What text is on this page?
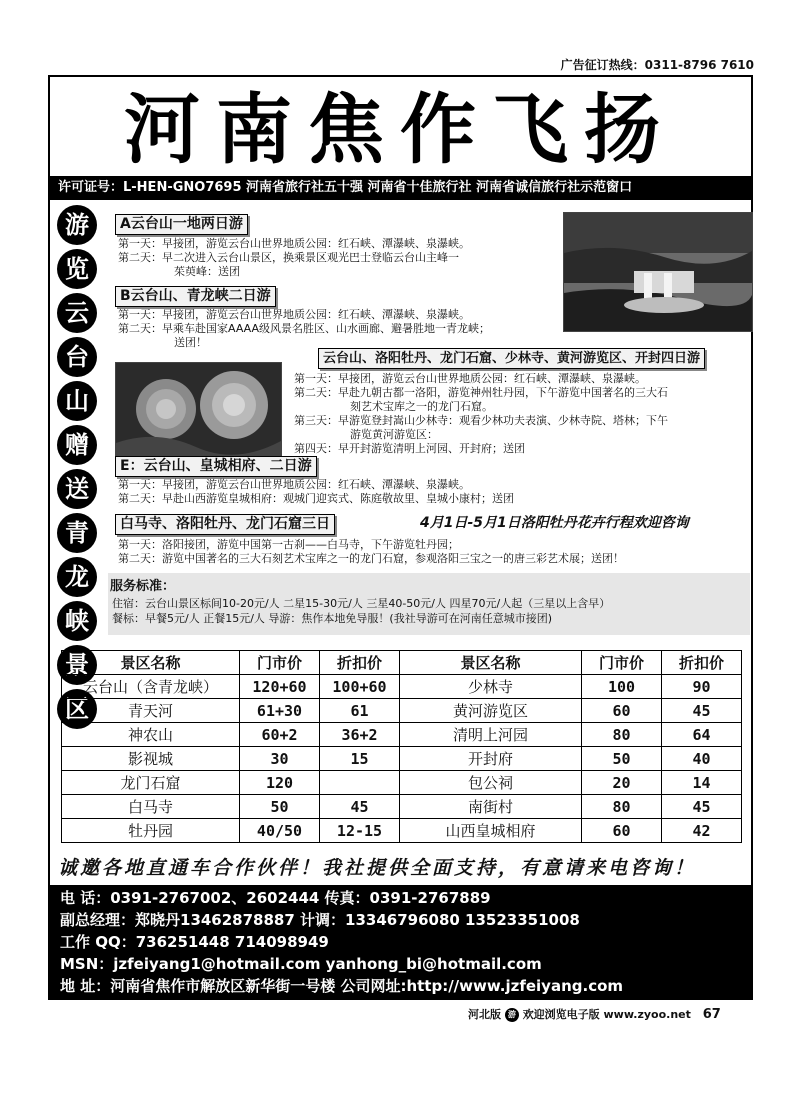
广告征订热线：0311-8796 7610
河南焦作飞扬
许可证号：L-HEN-GNO7695 河南省旅行社五十强 河南省十佳旅行社 河南省诚信旅行社示范窗口
游
览
云
台
山
赠
送
青
龙
峡
景
区
A云台山一地两日游
第一天：早接团，游览云台山世界地质公园：红石峡、潭瀑峡、泉瀑峡。
第二天：早二次进入云台山景区，换乘景区观光巴士登临云台山主峰一
茱萸峰：送团
B云台山、青龙峡二日游
第一天：早接团，游览云台山世界地质公园：红石峡、潭瀑峡、泉瀑峡。
第二天：早乘车赴国家AAAA级风景名胜区、山水画廊、避暑胜地一青龙峡；
送团！
云台山、洛阳牡丹、龙门石窟、少林寺、黄河游览区、开封四日游
第一天：早接团，游览云台山世界地质公园：红石峡、潭瀑峡、泉瀑峡。
第二天：早赴九朝古都一洛阳，游览神州牡丹园，下午游览中国著名的三大石
刻艺术宝库之一的龙门石窟。
第三天：早游览登封嵩山少林寺：观看少林功夫表演、少林寺院、塔林；下午
游览黄河游览区：
第四天：早开封游览清明上河园、开封府；送团
E：云台山、皇城相府、二日游
第一天：早接团，游览云台山世界地质公园：红石峡、潭瀑峡、泉瀑峡。
第二天：早赴山西游览皇城相府：观城门迎宾式、陈庭敬故里、皇城小康村；送团
白马寺、洛阳牡丹、龙门石窟三日	4月1日-5月1日洛阳牡丹花卉行程欢迎咨询
第一天：洛阳接团，游览中国第一古刹——白马寺，下午游览牡丹园；
第二天：游览中国著名的三大石刻艺术宝库之一的龙门石窟，参观洛阳三宝之一的唐三彩艺术展；送团！
服务标准：
住宿：云台山景区标间10-20元/人 二星15-30元/人 三星40-50元/人 四星70元/人起（三星以上含早）
餐标：早餐5元/人 正餐15元/人 导游：焦作本地免导服！(我社导游可在河南任意城市接团)
景区名称	门市价	折扣价	景区名称	门市价	折扣价
云台山（含青龙峡）	120+60	100+60	少林寺	100	90
青天河	61+30	61	黄河游览区	60	45
神农山	60+2	36+2	清明上河园	80	64
影视城	30	15	开封府	50	40
龙门石窟	120		包公祠	20	14
白马寺	50	45	南街村	80	45
牡丹园	40/50	12-15	山西皇城相府	60	42
诚邀各地直通车合作伙伴！我社提供全面支持，有意请来电咨询！
电 话：0391-2767002、2602444 传真：0391-2767889
副总经理：郑晓丹13462878887 计调：13346796080 13523351008
工作 QQ：736251448 714098949
MSN：jzfeiyang1@hotmail.com yanhong_bi@hotmail.com
地 址：河南省焦作市解放区新华街一号楼 公司网址:http://www.jzfeiyang.com
河北版 游 欢迎浏览电子版 www.zyoo.net 67
